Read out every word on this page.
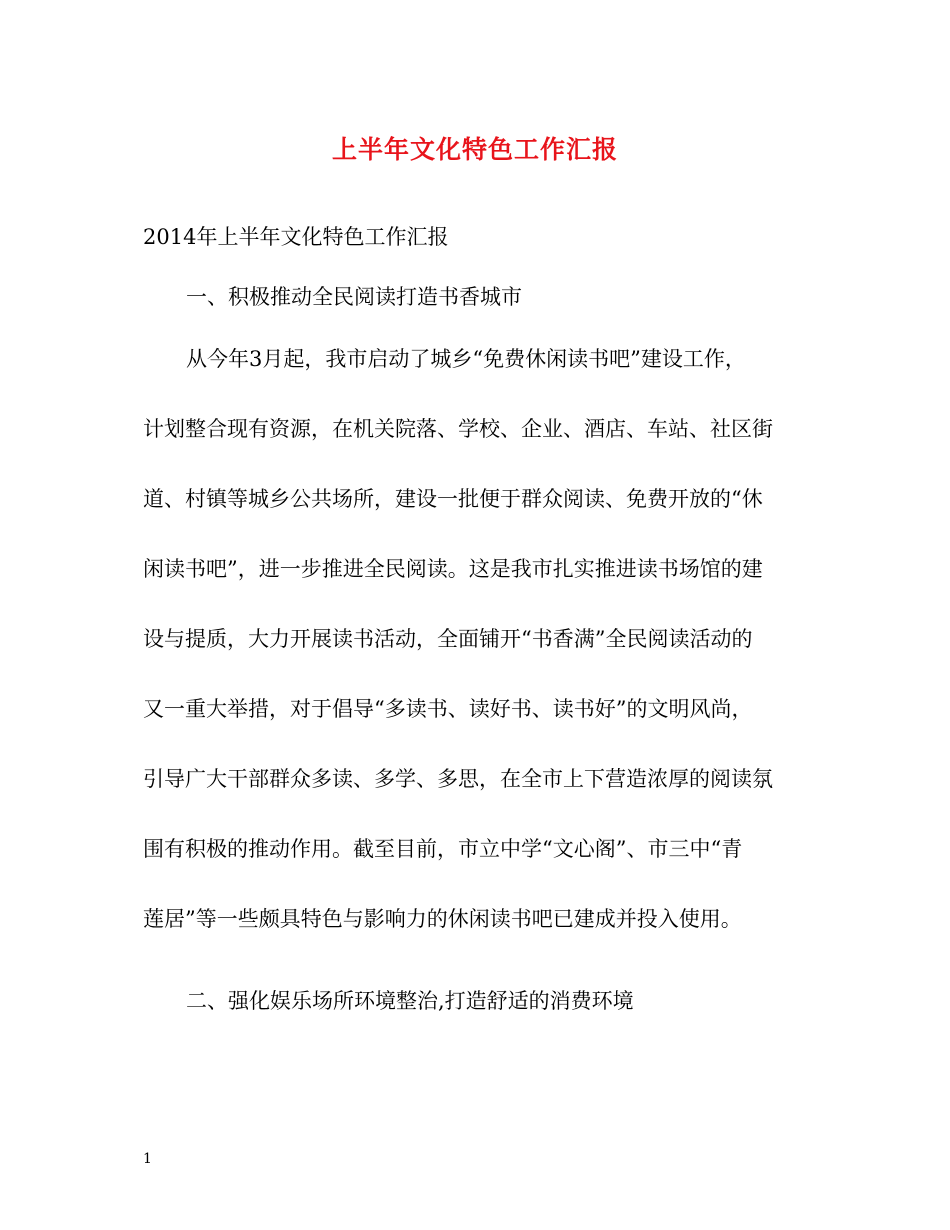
上半年文化特色工作汇报
2014年上半年文化特色工作汇报
一、积极推动全民阅读打造书香城市
从今年3月起，我市启动了城乡“免费休闲读书吧”建设工作，
计划整合现有资源，在机关院落、学校、企业、酒店、车站、社区街
道、村镇等城乡公共场所，建设一批便于群众阅读、免费开放的“休
闲读书吧”，进一步推进全民阅读。这是我市扎实推进读书场馆的建
设与提质，大力开展读书活动，全面铺开“书香满”全民阅读活动的
又一重大举措，对于倡导“多读书、读好书、读书好”的文明风尚，
引导广大干部群众多读、多学、多思，在全市上下营造浓厚的阅读氛
围有积极的推动作用。截至目前，市立中学“文心阁”、市三中“青
莲居”等一些颇具特色与影响力的休闲读书吧已建成并投入使用。
二、强化娱乐场所环境整治,打造舒适的消费环境
1
